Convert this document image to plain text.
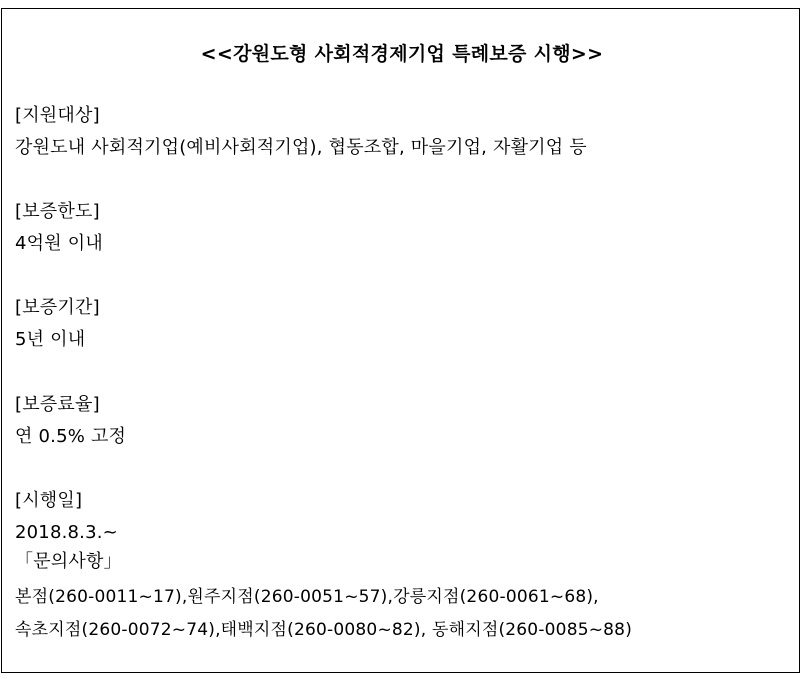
<<강원도형 사회적경제기업 특례보증 시행>>
[지원대상]
강원도내 사회적기업(예비사회적기업), 협동조합, 마을기업, 자활기업 등
[보증한도]
4억원 이내
[보증기간]
5년 이내
[보증료율]
연 0.5% 고정
[시행일]
2018.8.3.~
「문의사항」
본점(260-0011~17),원주지점(260-0051~57),강릉지점(260-0061~68),
속초지점(260-0072~74),태백지점(260-0080~82), 동해지점(260-0085~88)
